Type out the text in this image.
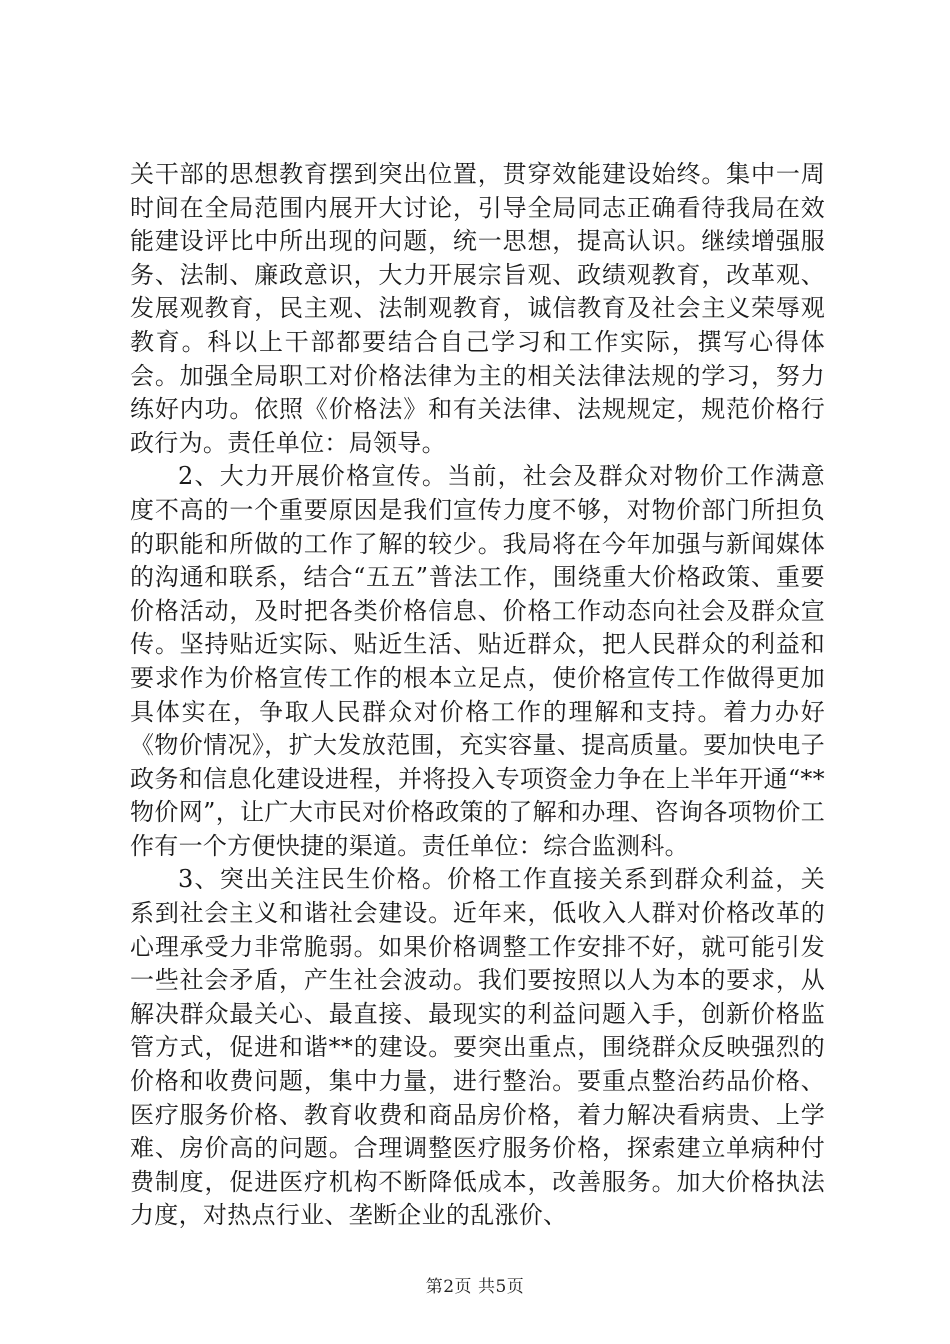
关干部的思想教育摆到突出位置，贯穿效能建设始终。集中一周时间在全局范围内展开大讨论，引导全局同志正确看待我局在效能建设评比中所出现的问题，统一思想，提高认识。继续增强服务、法制、廉政意识，大力开展宗旨观、政绩观教育，改革观、发展观教育，民主观、法制观教育，诚信教育及社会主义荣辱观教育。科以上干部都要结合自己学习和工作实际，撰写心得体会。加强全局职工对价格法律为主的相关法律法规的学习，努力练好内功。依照《价格法》和有关法律、法规规定，规范价格行政行为。责任单位：局领导。

2、大力开展价格宣传。当前，社会及群众对物价工作满意度不高的一个重要原因是我们宣传力度不够，对物价部门所担负的职能和所做的工作了解的较少。我局将在今年加强与新闻媒体的沟通和联系，结合“五五”普法工作，围绕重大价格政策、重要价格活动，及时把各类价格信息、价格工作动态向社会及群众宣传。坚持贴近实际、贴近生活、贴近群众，把人民群众的利益和要求作为价格宣传工作的根本立足点，使价格宣传工作做得更加具体实在，争取人民群众对价格工作的理解和支持。着力办好《物价情况》，扩大发放范围，充实容量、提高质量。要加快电子政务和信息化建设进程，并将投入专项资金力争在上半年开通“**物价网”，让广大市民对价格政策的了解和办理、咨询各项物价工作有一个方便快捷的渠道。责任单位：综合监测科。

3、突出关注民生价格。价格工作直接关系到群众利益，关系到社会主义和谐社会建设。近年来，低收入人群对价格改革的心理承受力非常脆弱。如果价格调整工作安排不好，就可能引发一些社会矛盾，产生社会波动。我们要按照以人为本的要求，从解决群众最关心、最直接、最现实的利益问题入手，创新价格监管方式，促进和谐**的建设。要突出重点，围绕群众反映强烈的价格和收费问题，集中力量，进行整治。要重点整治药品价格、医疗服务价格、教育收费和商品房价格，着力解决看病贵、上学难、房价高的问题。合理调整医疗服务价格，探索建立单病种付费制度，促进医疗机构不断降低成本，改善服务。加大价格执法力度，对热点行业、垄断企业的乱涨价、

第2页 共5页
